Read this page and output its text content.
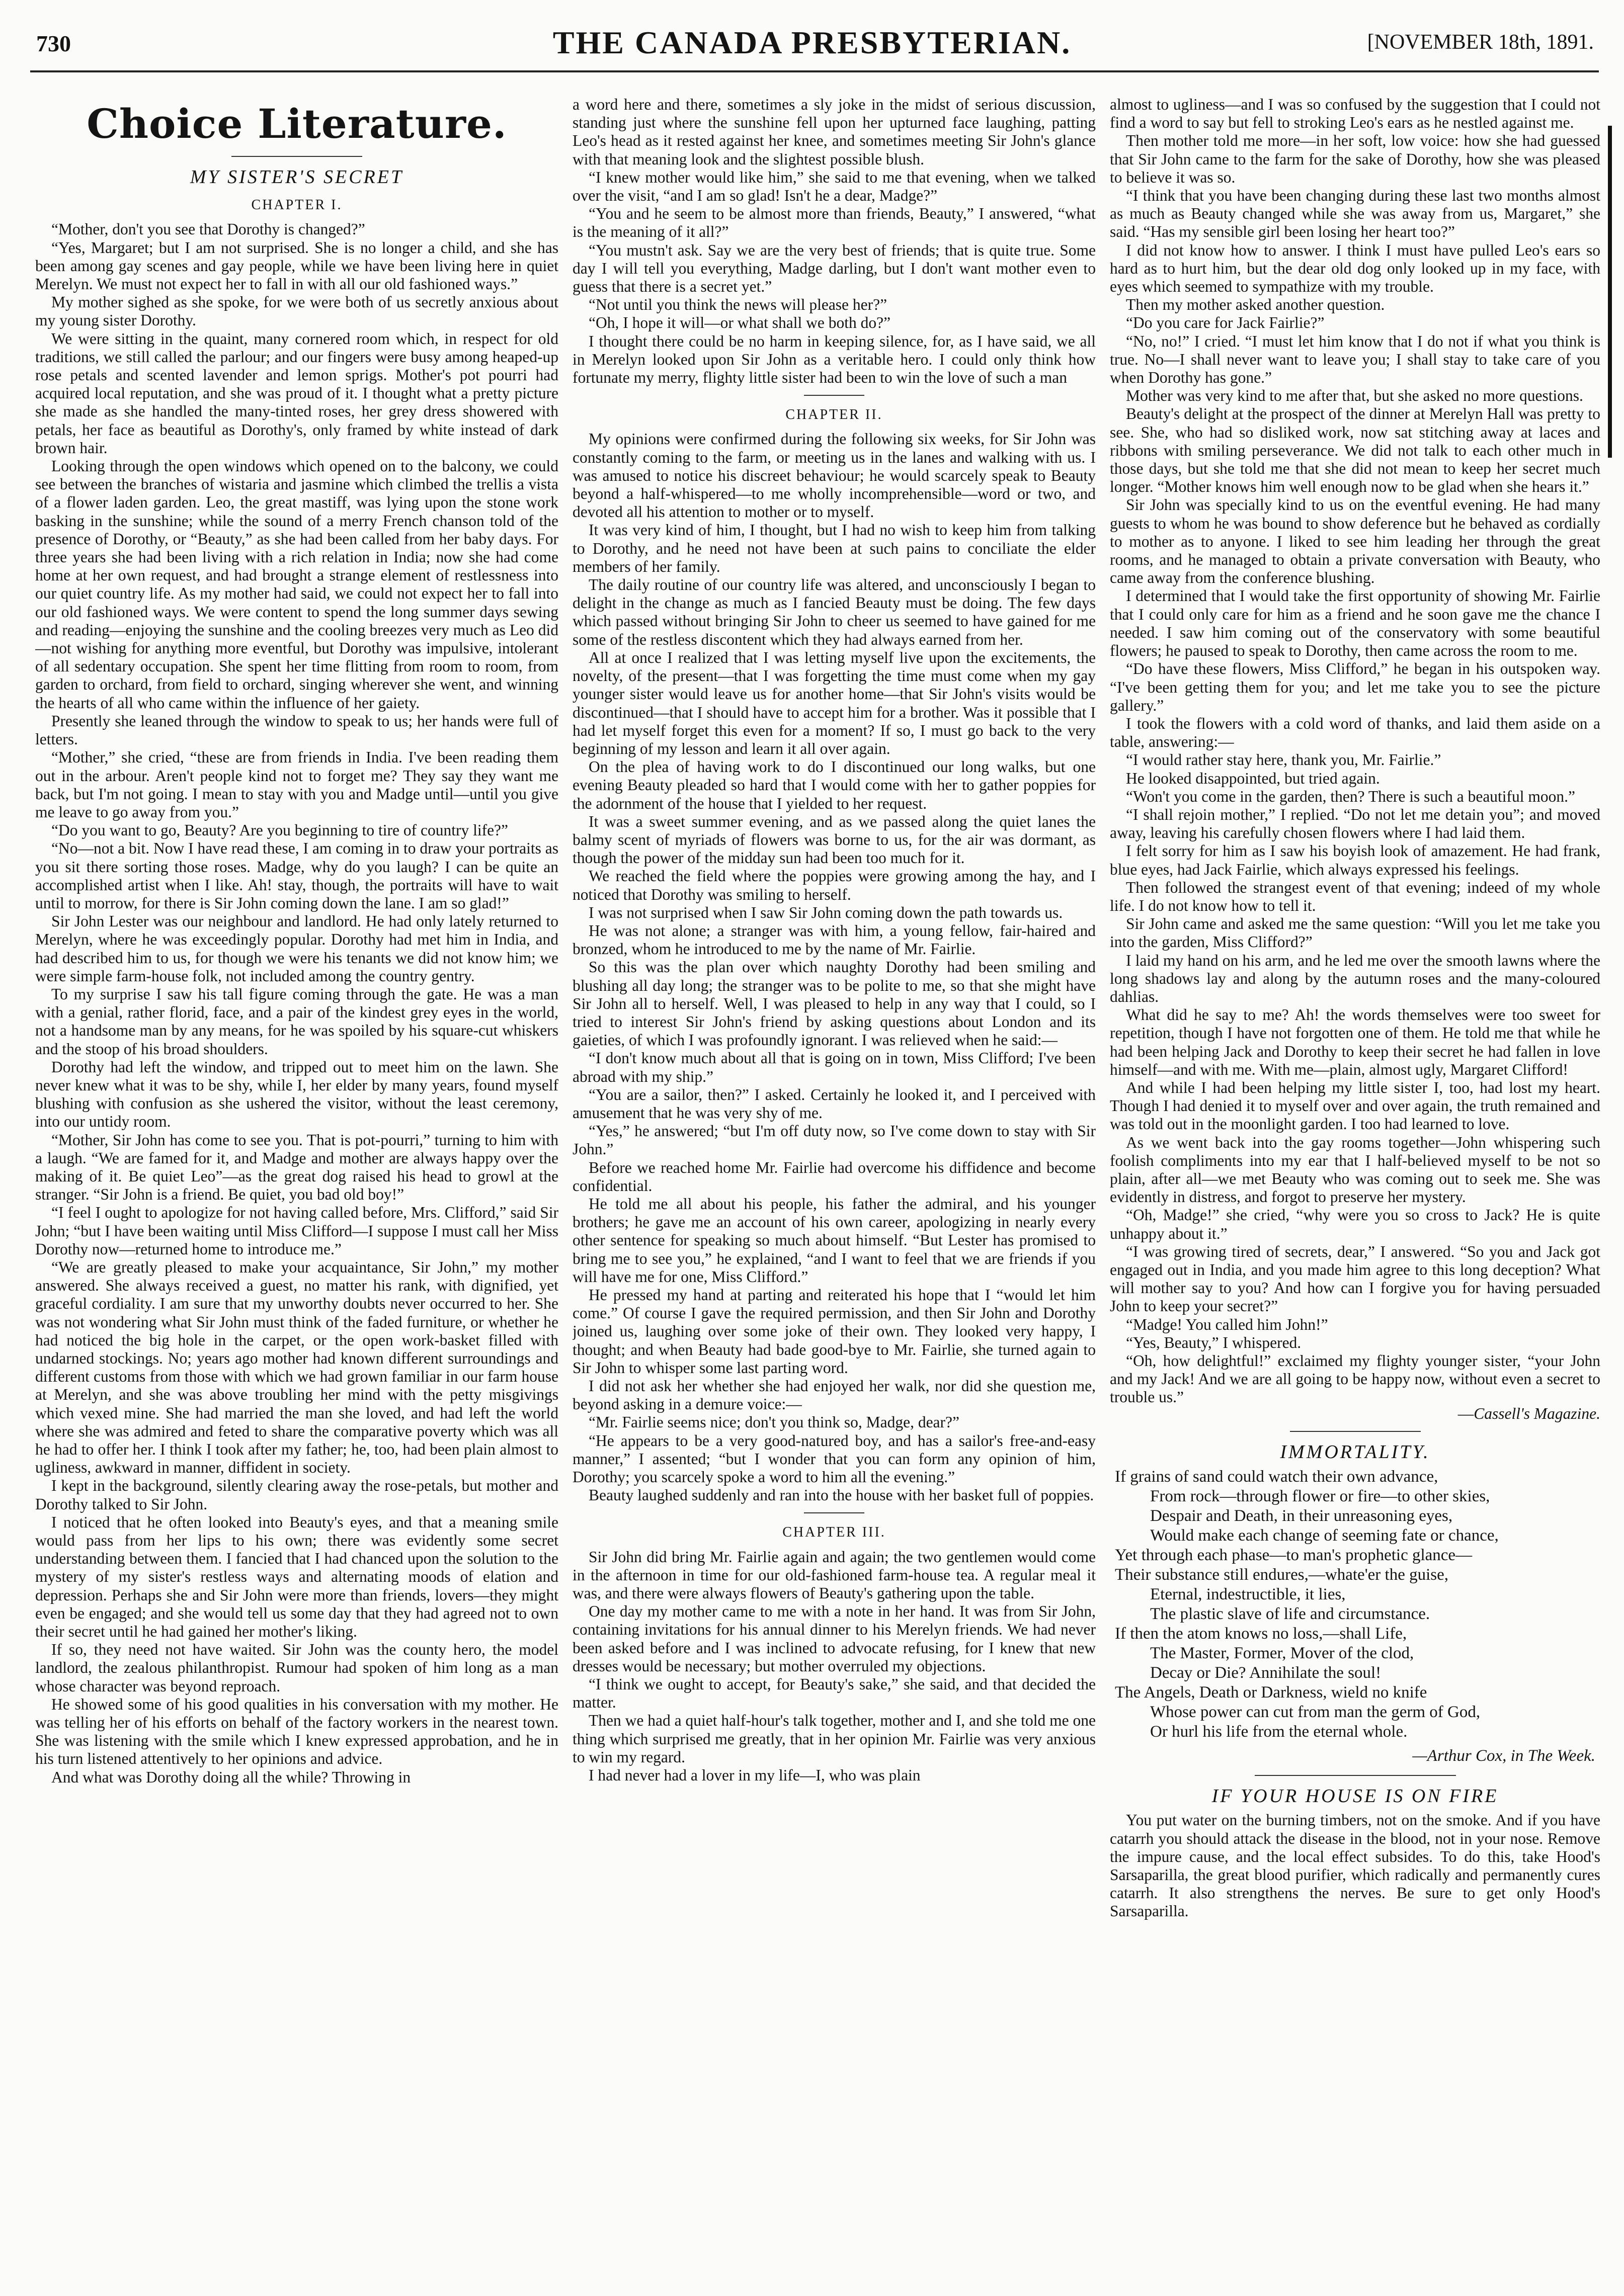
730	THE CANADA PRESBYTERIAN.	[NOVEMBER 18th, 1891.
Choice Literature.
MY SISTER'S SECRET
CHAPTER I.

“Mother, don't you see that Dorothy is changed?”

“Yes, Margaret; but I am not surprised. She is no longer a child, and she has been among gay scenes and gay people, while we have been living here in quiet Merelyn. We must not expect her to fall in with all our old fashioned ways.”

My mother sighed as she spoke, for we were both of us secretly anxious about my young sister Dorothy.

We were sitting in the quaint, many cornered room which, in respect for old traditions, we still called the parlour; and our fingers were busy among heaped-up rose petals and scented lavender and lemon sprigs. Mother's pot pourri had acquired local reputation, and she was proud of it. I thought what a pretty picture she made as she handled the many-tinted roses, her grey dress showered with petals, her face as beautiful as Dorothy's, only framed by white instead of dark brown hair.

Looking through the open windows which opened on to the balcony, we could see between the branches of wistaria and jasmine which climbed the trellis a vista of a flower laden garden. Leo, the great mastiff, was lying upon the stone work basking in the sunshine; while the sound of a merry French chanson told of the presence of Dorothy, or “Beauty,” as she had been called from her baby days. For three years she had been living with a rich relation in India; now she had come home at her own request, and had brought a strange element of restlessness into our quiet country life. As my mother had said, we could not expect her to fall into our old fashioned ways. We were content to spend the long summer days sewing and reading—enjoying the sunshine and the cooling breezes very much as Leo did—not wishing for anything more eventful, but Dorothy was impulsive, intolerant of all sedentary occupation. She spent her time flitting from room to room, from garden to orchard, from field to orchard, singing wherever she went, and winning the hearts of all who came within the influence of her gaiety.

Presently she leaned through the window to speak to us; her hands were full of letters.

“Mother,” she cried, “these are from friends in India. I've been reading them out in the arbour. Aren't people kind not to forget me? They say they want me back, but I'm not going. I mean to stay with you and Madge until—until you give me leave to go away from you.”

“Do you want to go, Beauty? Are you beginning to tire of country life?”

“No—not a bit. Now I have read these, I am coming in to draw your portraits as you sit there sorting those roses. Madge, why do you laugh? I can be quite an accomplished artist when I like. Ah! stay, though, the portraits will have to wait until to morrow, for there is Sir John coming down the lane. I am so glad!”

Sir John Lester was our neighbour and landlord. He had only lately returned to Merelyn, where he was exceedingly popular. Dorothy had met him in India, and had described him to us, for though we were his tenants we did not know him; we were simple farm-house folk, not included among the country gentry.

To my surprise I saw his tall figure coming through the gate. He was a man with a genial, rather florid, face, and a pair of the kindest grey eyes in the world, not a handsome man by any means, for he was spoiled by his square-cut whiskers and the stoop of his broad shoulders.

Dorothy had left the window, and tripped out to meet him on the lawn. She never knew what it was to be shy, while I, her elder by many years, found myself blushing with confusion as she ushered the visitor, without the least ceremony, into our untidy room.

“Mother, Sir John has come to see you. That is pot-pourri,” turning to him with a laugh. “We are famed for it, and Madge and mother are always happy over the making of it. Be quiet Leo”—as the great dog raised his head to growl at the stranger. “Sir John is a friend. Be quiet, you bad old boy!”

“I feel I ought to apologize for not having called before, Mrs. Clifford,” said Sir John; “but I have been waiting until Miss Clifford—I suppose I must call her Miss Dorothy now—returned home to introduce me.”

“We are greatly pleased to make your acquaintance, Sir John,” my mother answered. She always received a guest, no matter his rank, with dignified, yet graceful cordiality. I am sure that my unworthy doubts never occurred to her. She was not wondering what Sir John must think of the faded furniture, or whether he had noticed the big hole in the carpet, or the open work-basket filled with undarned stockings. No; years ago mother had known different surroundings and different customs from those with which we had grown familiar in our farm house at Merelyn, and she was above troubling her mind with the petty misgivings which vexed mine. She had married the man she loved, and had left the world where she was admired and feted to share the comparative poverty which was all he had to offer her. I think I took after my father; he, too, had been plain almost to ugliness, awkward in manner, diffident in society.

I kept in the background, silently clearing away the rose-petals, but mother and Dorothy talked to Sir John.

I noticed that he often looked into Beauty's eyes, and that a meaning smile would pass from her lips to his own; there was evidently some secret understanding between them. I fancied that I had chanced upon the solution to the mystery of my sister's restless ways and alternating moods of elation and depression. Perhaps she and Sir John were more than friends, lovers—they might even be engaged; and she would tell us some day that they had agreed not to own their secret until he had gained her mother's liking.

If so, they need not have waited. Sir John was the county hero, the model landlord, the zealous philanthropist. Rumour had spoken of him long as a man whose character was beyond reproach.

He showed some of his good qualities in his conversation with my mother. He was telling her of his efforts on behalf of the factory workers in the nearest town. She was listening with the smile which I knew expressed approbation, and he in his turn listened attentively to her opinions and advice.

And what was Dorothy doing all the while? Throwing in

a word here and there, sometimes a sly joke in the midst of serious discussion, standing just where the sunshine fell upon her upturned face laughing, patting Leo's head as it rested against her knee, and sometimes meeting Sir John's glance with that meaning look and the slightest possible blush.

“I knew mother would like him,” she said to me that evening, when we talked over the visit, “and I am so glad! Isn't he a dear, Madge?”

“You and he seem to be almost more than friends, Beauty,” I answered, “what is the meaning of it all?”

“You mustn't ask. Say we are the very best of friends; that is quite true. Some day I will tell you everything, Madge darling, but I don't want mother even to guess that there is a secret yet.”

“Not until you think the news will please her?”

“Oh, I hope it will—or what shall we both do?”

I thought there could be no harm in keeping silence, for, as I have said, we all in Merelyn looked upon Sir John as a veritable hero. I could only think how fortunate my merry, flighty little sister had been to win the love of such a man

CHAPTER II.

My opinions were confirmed during the following six weeks, for Sir John was constantly coming to the farm, or meeting us in the lanes and walking with us. I was amused to notice his discreet behaviour; he would scarcely speak to Beauty beyond a half-whispered—to me wholly incomprehensible—word or two, and devoted all his attention to mother or to myself.

It was very kind of him, I thought, but I had no wish to keep him from talking to Dorothy, and he need not have been at such pains to conciliate the elder members of her family.

The daily routine of our country life was altered, and unconsciously I began to delight in the change as much as I fancied Beauty must be doing. The few days which passed without bringing Sir John to cheer us seemed to have gained for me some of the restless discontent which they had always earned from her.

All at once I realized that I was letting myself live upon the excitements, the novelty, of the present—that I was forgetting the time must come when my gay younger sister would leave us for another home—that Sir John's visits would be discontinued—that I should have to accept him for a brother. Was it possible that I had let myself forget this even for a moment? If so, I must go back to the very beginning of my lesson and learn it all over again.

On the plea of having work to do I discontinued our long walks, but one evening Beauty pleaded so hard that I would come with her to gather poppies for the adornment of the house that I yielded to her request.

It was a sweet summer evening, and as we passed along the quiet lanes the balmy scent of myriads of flowers was borne to us, for the air was dormant, as though the power of the midday sun had been too much for it.

We reached the field where the poppies were growing among the hay, and I noticed that Dorothy was smiling to herself.

I was not surprised when I saw Sir John coming down the path towards us.

He was not alone; a stranger was with him, a young fellow, fair-haired and bronzed, whom he introduced to me by the name of Mr. Fairlie.

So this was the plan over which naughty Dorothy had been smiling and blushing all day long; the stranger was to be polite to me, so that she might have Sir John all to herself. Well, I was pleased to help in any way that I could, so I tried to interest Sir John's friend by asking questions about London and its gaieties, of which I was profoundly ignorant. I was relieved when he said:—

“I don't know much about all that is going on in town, Miss Clifford; I've been abroad with my ship.”

“You are a sailor, then?” I asked. Certainly he looked it, and I perceived with amusement that he was very shy of me.

“Yes,” he answered; “but I'm off duty now, so I've come down to stay with Sir John.”

Before we reached home Mr. Fairlie had overcome his diffidence and become confidential.

He told me all about his people, his father the admiral, and his younger brothers; he gave me an account of his own career, apologizing in nearly every other sentence for speaking so much about himself. “But Lester has promised to bring me to see you,” he explained, “and I want to feel that we are friends if you will have me for one, Miss Clifford.”

He pressed my hand at parting and reiterated his hope that I “would let him come.” Of course I gave the required permission, and then Sir John and Dorothy joined us, laughing over some joke of their own. They looked very happy, I thought; and when Beauty had bade good-bye to Mr. Fairlie, she turned again to Sir John to whisper some last parting word.

I did not ask her whether she had enjoyed her walk, nor did she question me, beyond asking in a demure voice:—

“Mr. Fairlie seems nice; don't you think so, Madge, dear?”

“He appears to be a very good-natured boy, and has a sailor's free-and-easy manner,” I assented; “but I wonder that you can form any opinion of him, Dorothy; you scarcely spoke a word to him all the evening.”

Beauty laughed suddenly and ran into the house with her basket full of poppies.

CHAPTER III.

Sir John did bring Mr. Fairlie again and again; the two gentlemen would come in the afternoon in time for our old-fashioned farm-house tea. A regular meal it was, and there were always flowers of Beauty's gathering upon the table.

One day my mother came to me with a note in her hand. It was from Sir John, containing invitations for his annual dinner to his Merelyn friends. We had never been asked before and I was inclined to advocate refusing, for I knew that new dresses would be necessary; but mother overruled my objections.

“I think we ought to accept, for Beauty's sake,” she said, and that decided the matter.

Then we had a quiet half-hour's talk together, mother and I, and she told me one thing which surprised me greatly, that in her opinion Mr. Fairlie was very anxious to win my regard.

I had never had a lover in my life—I, who was plain

almost to ugliness—and I was so confused by the suggestion that I could not find a word to say but fell to stroking Leo's ears as he nestled against me.

Then mother told me more—in her soft, low voice: how she had guessed that Sir John came to the farm for the sake of Dorothy, how she was pleased to believe it was so.

“I think that you have been changing during these last two months almost as much as Beauty changed while she was away from us, Margaret,” she said. “Has my sensible girl been losing her heart too?”

I did not know how to answer. I think I must have pulled Leo's ears so hard as to hurt him, but the dear old dog only looked up in my face, with eyes which seemed to sympathize with my trouble.

Then my mother asked another question.

“Do you care for Jack Fairlie?”

“No, no!” I cried. “I must let him know that I do not if what you think is true. No—I shall never want to leave you; I shall stay to take care of you when Dorothy has gone.”

Mother was very kind to me after that, but she asked no more questions.

Beauty's delight at the prospect of the dinner at Merelyn Hall was pretty to see. She, who had so disliked work, now sat stitching away at laces and ribbons with smiling perseverance. We did not talk to each other much in those days, but she told me that she did not mean to keep her secret much longer. “Mother knows him well enough now to be glad when she hears it.”

Sir John was specially kind to us on the eventful evening. He had many guests to whom he was bound to show deference but he behaved as cordially to mother as to anyone. I liked to see him leading her through the great rooms, and he managed to obtain a private conversation with Beauty, who came away from the conference blushing.

I determined that I would take the first opportunity of showing Mr. Fairlie that I could only care for him as a friend and he soon gave me the chance I needed. I saw him coming out of the conservatory with some beautiful flowers; he paused to speak to Dorothy, then came across the room to me.

“Do have these flowers, Miss Clifford,” he began in his outspoken way. “I've been getting them for you; and let me take you to see the picture gallery.”

I took the flowers with a cold word of thanks, and laid them aside on a table, answering:—

“I would rather stay here, thank you, Mr. Fairlie.”

He looked disappointed, but tried again.

“Won't you come in the garden, then? There is such a beautiful moon.”

“I shall rejoin mother,” I replied. “Do not let me detain you”; and moved away, leaving his carefully chosen flowers where I had laid them.

I felt sorry for him as I saw his boyish look of amazement. He had frank, blue eyes, had Jack Fairlie, which always expressed his feelings.

Then followed the strangest event of that evening; indeed of my whole life. I do not know how to tell it.

Sir John came and asked me the same question: “Will you let me take you into the garden, Miss Clifford?”

I laid my hand on his arm, and he led me over the smooth lawns where the long shadows lay and along by the autumn roses and the many-coloured dahlias.

What did he say to me? Ah! the words themselves were too sweet for repetition, though I have not forgotten one of them. He told me that while he had been helping Jack and Dorothy to keep their secret he had fallen in love himself—and with me. With me—plain, almost ugly, Margaret Clifford!

And while I had been helping my little sister I, too, had lost my heart. Though I had denied it to myself over and over again, the truth remained and was told out in the moonlight garden. I too had learned to love.

As we went back into the gay rooms together—John whispering such foolish compliments into my ear that I half-believed myself to be not so plain, after all—we met Beauty who was coming out to seek me. She was evidently in distress, and forgot to preserve her mystery.

“Oh, Madge!” she cried, “why were you so cross to Jack? He is quite unhappy about it.”

“I was growing tired of secrets, dear,” I answered. “So you and Jack got engaged out in India, and you made him agree to this long deception? What will mother say to you? And how can I forgive you for having persuaded John to keep your secret?”

“Madge! You called him John!”

“Yes, Beauty,” I whispered.

“Oh, how delightful!” exclaimed my flighty younger sister, “your John and my Jack! And we are all going to be happy now, without even a secret to trouble us.”

—Cassell's Magazine.

IMMORTALITY.
If grains of sand could watch their own advance,
From rock—through flower or fire—to other skies,
Despair and Death, in their unreasoning eyes,
Would make each change of seeming fate or chance,
Yet through each phase—to man's prophetic glance—
Their substance still endures,—whate'er the guise,
Eternal, indestructible, it lies,
The plastic slave of life and circumstance.
If then the atom knows no loss,—shall Life,
The Master, Former, Mover of the clod,
Decay or Die? Annihilate the soul!
The Angels, Death or Darkness, wield no knife
Whose power can cut from man the germ of God,
Or hurl his life from the eternal whole.
—Arthur Cox, in The Week.
IF YOUR HOUSE IS ON FIRE

You put water on the burning timbers, not on the smoke. And if you have catarrh you should attack the disease in the blood, not in your nose. Remove the impure cause, and the local effect subsides. To do this, take Hood's Sarsaparilla, the great blood purifier, which radically and permanently cures catarrh. It also strengthens the nerves. Be sure to get only Hood's Sarsaparilla.
